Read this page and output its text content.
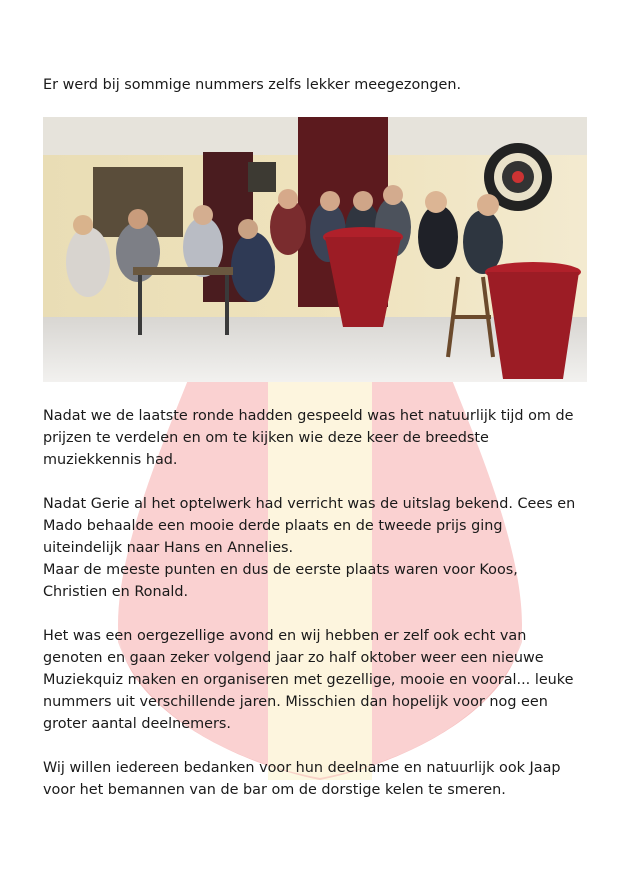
Er werd bij sommige nummers zelfs lekker meegezongen.

Nadat we de laatste ronde hadden gespeeld was het natuurlijk tijd om de
prijzen te verdelen en om te kijken wie deze keer de breedste
muziekkennis had.

Nadat Gerie al het optelwerk had verricht was de uitslag bekend. Cees en
Mado behaalde een mooie derde plaats en de tweede prijs ging
uiteindelijk naar Hans en Annelies.
Maar de meeste punten en dus de eerste plaats waren voor Koos,
Christien en Ronald.

Het was een oergezellige avond en wij hebben er zelf ook echt van
genoten en gaan zeker volgend jaar zo half oktober weer een nieuwe
Muziekquiz maken en organiseren met gezellige, mooie en vooral... leuke
nummers uit verschillende jaren. Misschien dan hopelijk voor nog een
groter aantal deelnemers.

Wij willen iedereen bedanken voor hun deelname en natuurlijk ook Jaap
voor het bemannen van de bar om de dorstige kelen te smeren.
